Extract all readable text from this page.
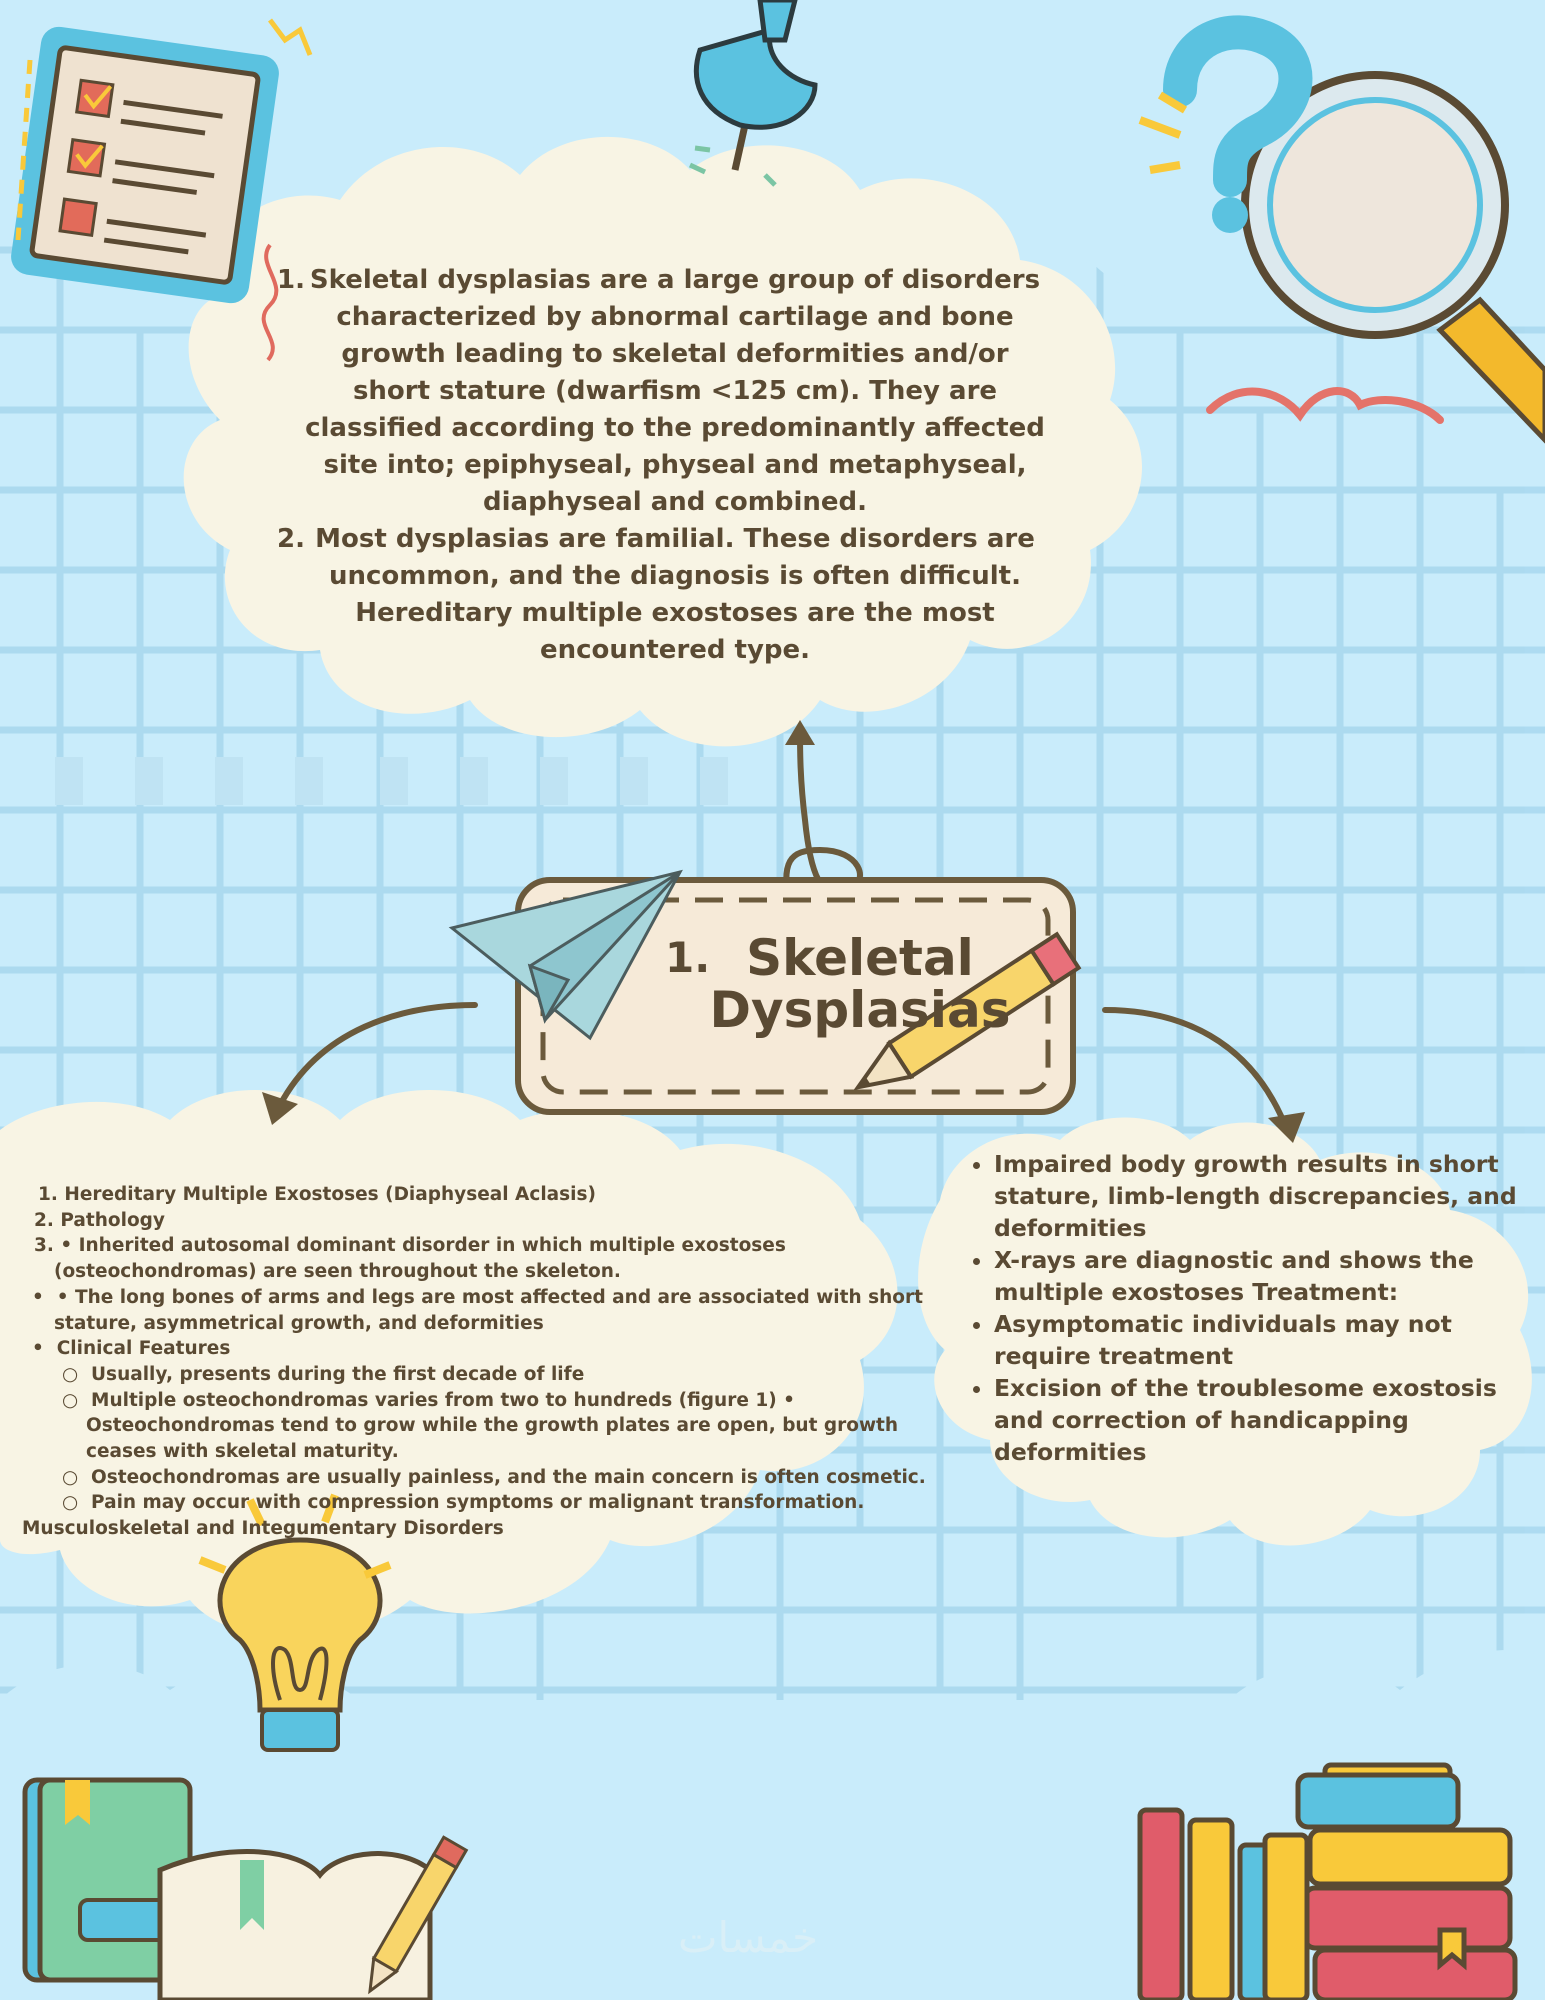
1. Skeletal dysplasias are a large group of disorders characterized by abnormal cartilage and bone growth leading to skeletal deformities and/or short stature (dwarfism <125 cm). They are classified according to the predominantly affected site into; epiphyseal, physeal and metaphyseal, diaphyseal and combined.
2. Most dysplasias are familial. These disorders are uncommon, and the diagnosis is often difficult. Hereditary multiple exostoses are the most encountered type.
1. Skeletal Dysplasias
1. Hereditary Multiple Exostoses (Diaphyseal Aclasis)
2. Pathology
3. • Inherited autosomal dominant disorder in which multiple exostoses
(osteochondromas) are seen throughout the skeleton.
•  • The long bones of arms and legs are most affected and are associated with short
stature, asymmetrical growth, and deformities
•  Clinical Features
○  Usually, presents during the first decade of life
○  Multiple osteochondromas varies from two to hundreds (figure 1) •
Osteochondromas tend to grow while the growth plates are open, but growth
ceases with skeletal maturity.
○  Osteochondromas are usually painless, and the main concern is often cosmetic.
○  Pain may occur with compression symptoms or malignant transformation.
Musculoskeletal and Integumentary Disorders
• Impaired body growth results in short stature, limb-length discrepancies, and deformities
• X-rays are diagnostic and shows the multiple exostoses Treatment:
• Asymptomatic individuals may not require treatment
• Excision of the troublesome exostosis and correction of handicapping deformities
خمسات
